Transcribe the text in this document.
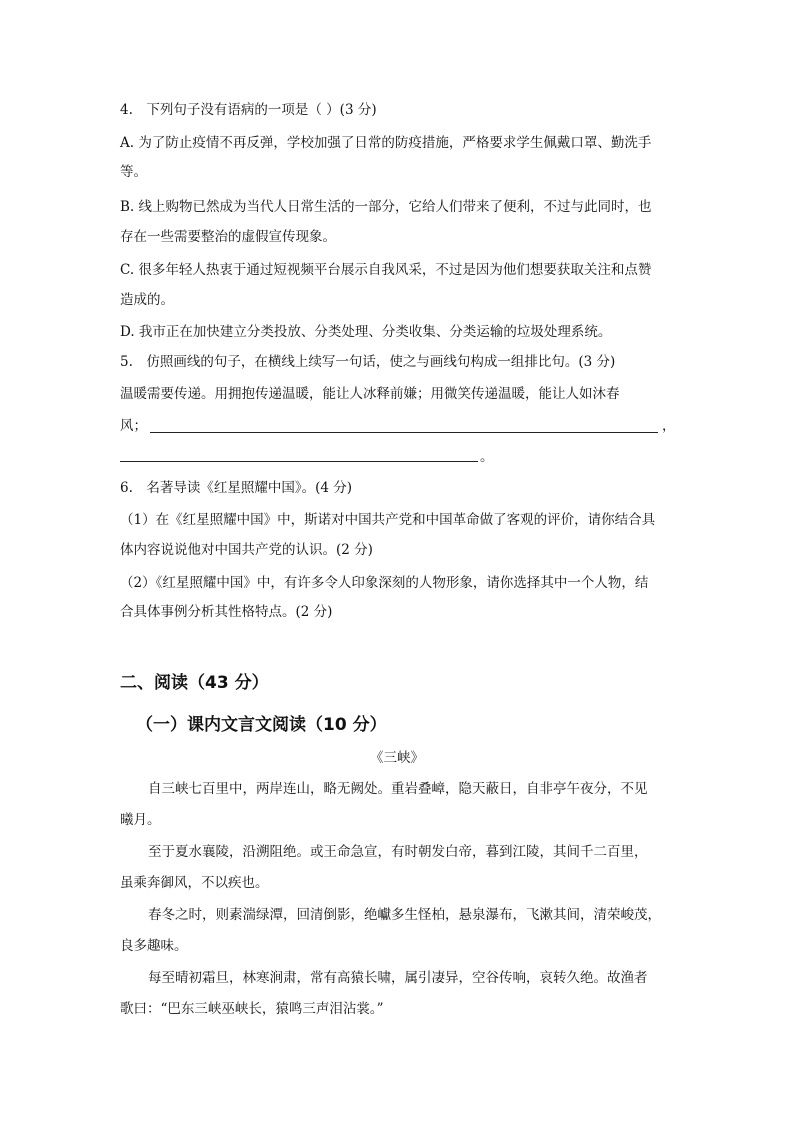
4.　下列句子没有语病的一项是（ ）(3 分)
A. 为了防止疫情不再反弹，学校加强了日常的防疫措施，严格要求学生佩戴口罩、勤洗手
等。
B. 线上购物已然成为当代人日常生活的一部分，它给人们带来了便利，不过与此同时，也
存在一些需要整治的虚假宣传现象。
C. 很多年轻人热衷于通过短视频平台展示自我风采，不过是因为他们想要获取关注和点赞
造成的。
D. 我市正在加快建立分类投放、分类处理、分类收集、分类运输的垃圾处理系统。
5.　仿照画线的句子，在横线上续写一句话，使之与画线句构成一组排比句。(3 分)
温暖需要传递。用拥抱传递温暖，能让人冰释前嫌；用微笑传递温暖，能让人如沐春
风；	，
。
6.　名著导读《红星照耀中国》。(4 分)
（1）在《红星照耀中国》中，斯诺对中国共产党和中国革命做了客观的评价，请你结合具
体内容说说他对中国共产党的认识。(2 分)
（2）《红星照耀中国》中，有许多令人印象深刻的人物形象，请你选择其中一个人物，结
合具体事例分析其性格特点。(2 分)
二、阅读（43 分）
（一）课内文言文阅读（10 分）
《三峡》
自三峡七百里中，两岸连山，略无阙处。重岩叠嶂，隐天蔽日，自非亭午夜分，不见
曦月。
至于夏水襄陵，沿溯阻绝。或王命急宣，有时朝发白帝，暮到江陵，其间千二百里，
虽乘奔御风，不以疾也。
春冬之时，则素湍绿潭，回清倒影，绝巘多生怪柏，悬泉瀑布，飞漱其间，清荣峻茂，
良多趣味。
每至晴初霜旦，林寒涧肃，常有高猿长啸，属引凄异，空谷传响，哀转久绝。故渔者
歌曰：“巴东三峡巫峡长，猿鸣三声泪沾裳。”
